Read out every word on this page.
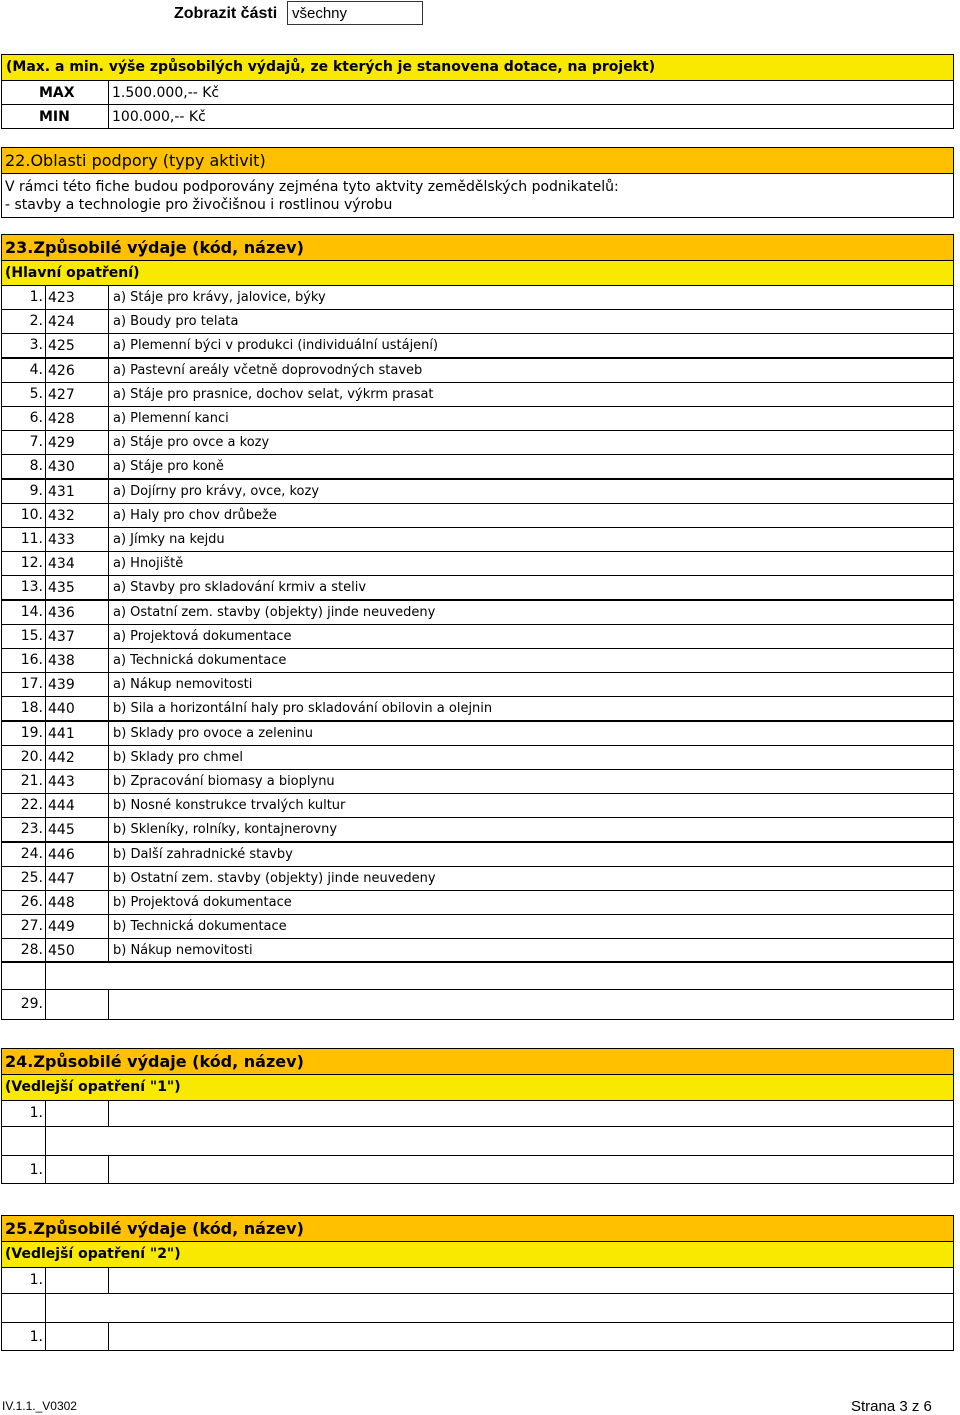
Zobrazit části všechny
(Max. a min. výše způsobilých výdajů, ze kterých je stanovena dotace, na projekt)
MAX	1.500.000,-- Kč
MIN	100.000,-- Kč
22.Oblasti podpory (typy aktivit)
V rámci této fiche budou podporovány zejména tyto aktvity zemědělských podnikatelů:
- stavby a technologie pro živočišnou i rostlinou výrobu
23.Způsobilé výdaje (kód, název)
(Hlavní opatření)
1. 423	a) Stáje pro krávy, jalovice, býky
2. 424	a) Boudy pro telata
3. 425	a) Plemenní býci v produkci (individuální ustájení)
4. 426	a) Pastevní areály včetně doprovodných staveb
5. 427	a) Stáje pro prasnice, dochov selat, výkrm prasat
6. 428	a) Plemenní kanci
7. 429	a) Stáje pro ovce a kozy
8. 430	a) Stáje pro koně
9. 431	a) Dojírny pro krávy, ovce, kozy
10. 432	a) Haly pro chov drůbeže
11. 433	a) Jímky na kejdu
12. 434	a) Hnojiště
13. 435	a) Stavby pro skladování krmiv a steliv
14. 436	a) Ostatní zem. stavby (objekty) jinde neuvedeny
15. 437	a) Projektová dokumentace
16. 438	a) Technická dokumentace
17. 439	a) Nákup nemovitosti
18. 440	b) Sila a horizontální haly pro skladování obilovin a olejnin
19. 441	b) Sklady pro ovoce a zeleninu
20. 442	b) Sklady pro chmel
21. 443	b) Zpracování biomasy a bioplynu
22. 444	b) Nosné konstrukce trvalých kultur
23. 445	b) Skleníky, rolníky, kontajnerovny
24. 446	b) Další zahradnické stavby
25. 447	b) Ostatní zem. stavby (objekty) jinde neuvedeny
26. 448	b) Projektová dokumentace
27. 449	b) Technická dokumentace
28. 450	b) Nákup nemovitosti
29.
24.Způsobilé výdaje (kód, název)
(Vedlejší opatření "1")
1.
1.
25.Způsobilé výdaje (kód, název)
(Vedlejší opatření "2")
1.
1.
IV.1.1._V0302	Strana 3 z 6
